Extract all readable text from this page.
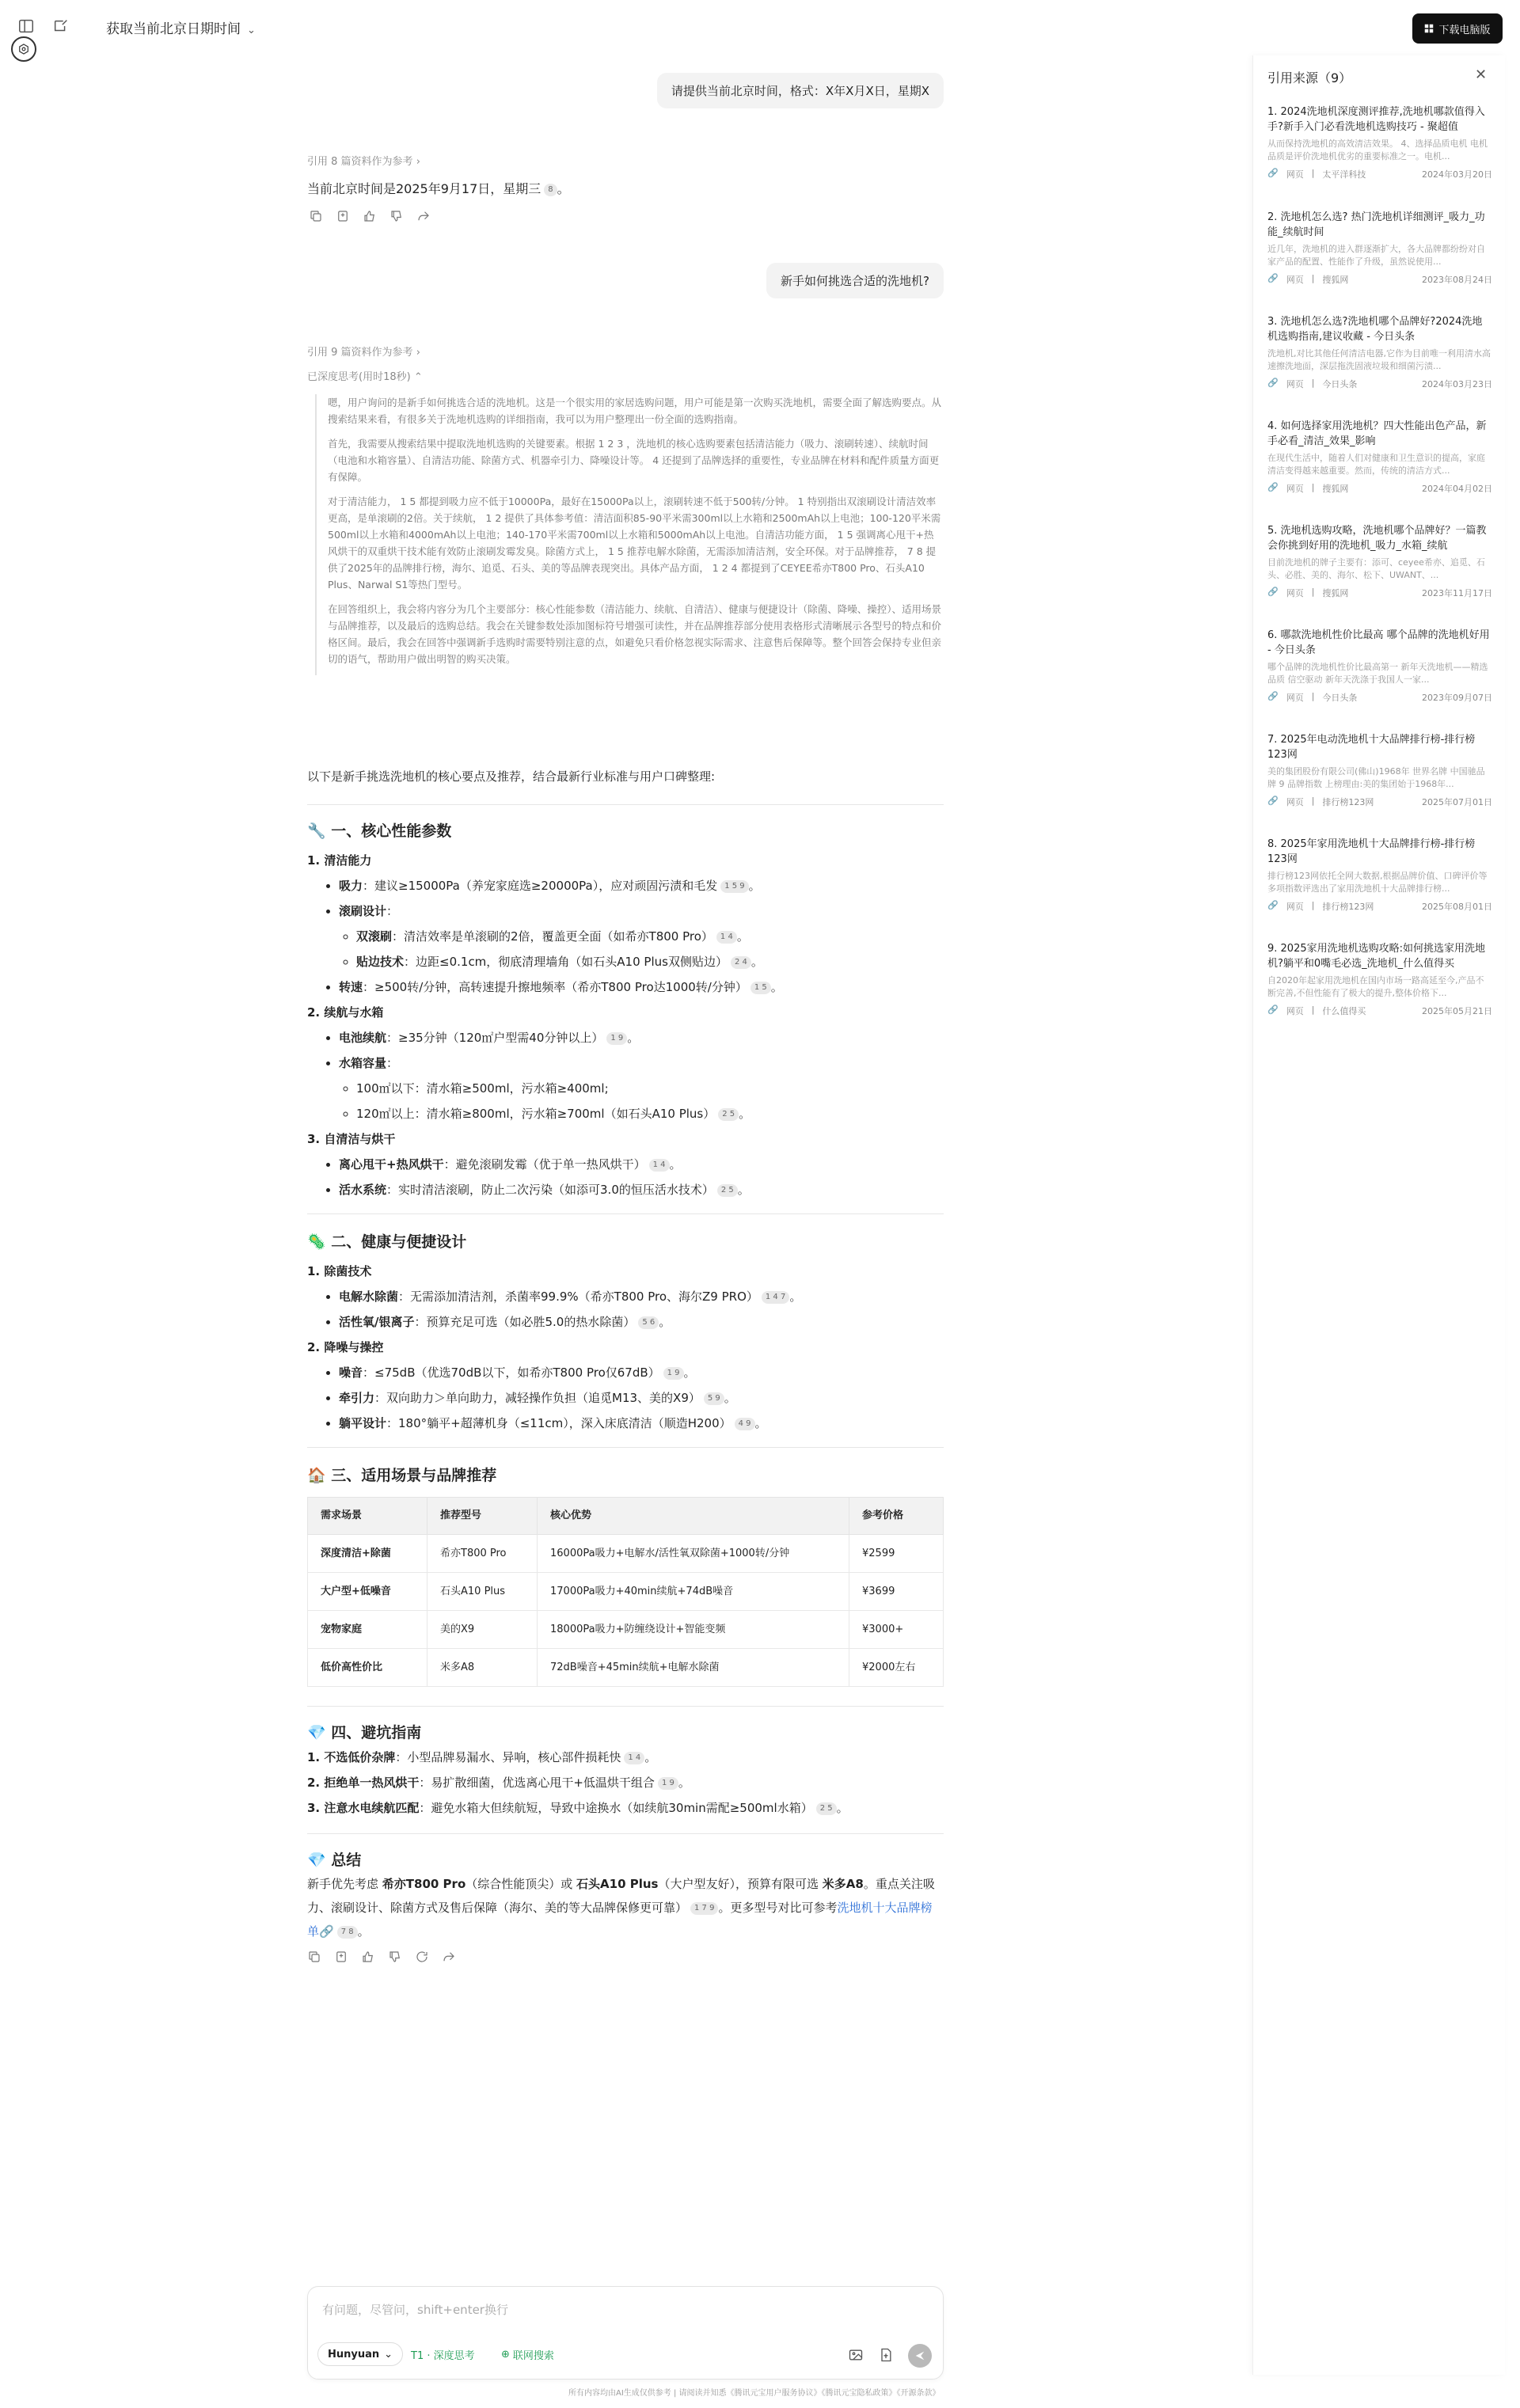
获取当前北京日期时间 ⌄	下载电脑版
请提供当前北京时间，格式：X年X月X日，星期X
引用 8 篇资料作为参考 ›
当前北京时间是2025年9月17日，星期三 8 。
新手如何挑选合适的洗地机?
引用 9 篇资料作为参考 ›
已深度思考(用时18秒) ⌃

嗯，用户询问的是新手如何挑选合适的洗地机。这是一个很实用的家居选购问题，用户可能是第一次购买洗地机，需要全面了解选购要点。从搜索结果来看，有很多关于洗地机选购的详细指南，我可以为用户整理出一份全面的选购指南。

首先，我需要从搜索结果中提取洗地机选购的关键要素。根据 1 2 3 ，洗地机的核心选购要素包括清洁能力（吸力、滚刷转速）、续航时间（电池和水箱容量）、自清洁功能、除菌方式、机器牵引力、降噪设计等。 4 还提到了品牌选择的重要性，专业品牌在材料和配件质量方面更有保障。

对于清洁能力， 1 5 都提到吸力应不低于10000Pa，最好在15000Pa以上，滚刷转速不低于500转/分钟。 1 特别指出双滚刷设计清洁效率更高，是单滚刷的2倍。关于续航， 1 2 提供了具体参考值：清洁面积85-90平米需300ml以上水箱和2500mAh以上电池；100-120平米需500ml以上水箱和4000mAh以上电池；140-170平米需700ml以上水箱和5000mAh以上电池。自清洁功能方面， 1 5 强调离心甩干+热风烘干的双重烘干技术能有效防止滚刷发霉发臭。除菌方式上， 1 5 推荐电解水除菌，无需添加清洁剂，安全环保。对于品牌推荐， 7 8 提供了2025年的品牌排行榜，海尔、追觅、石头、美的等品牌表现突出。具体产品方面， 1 2 4 都提到了CEYEE希亦T800 Pro、石头A10 Plus、Narwal S1等热门型号。

在回答组织上，我会将内容分为几个主要部分：核心性能参数（清洁能力、续航、自清洁）、健康与便捷设计（除菌、降噪、操控）、适用场景与品牌推荐，以及最后的选购总结。我会在关键参数处添加图标符号增强可读性，并在品牌推荐部分使用表格形式清晰展示各型号的特点和价格区间。最后，我会在回答中强调新手选购时需要特别注意的点，如避免只看价格忽视实际需求、注意售后保障等。整个回答会保持专业但亲切的语气，帮助用户做出明智的购买决策。

以下是新手挑选洗地机的核心要点及推荐，结合最新行业标准与用户口碑整理:
🔧 一、核心性能参数
1. 清洁能力
• 吸力：建议≥15000Pa（养宠家庭选≥20000Pa），应对顽固污渍和毛发 1 5 9 。
• 滚刷设计：
◦ 双滚刷：清洁效率是单滚刷的2倍，覆盖更全面（如希亦T800 Pro） 1 4 。
◦ 贴边技术：边距≤0.1cm，彻底清理墙角（如石头A10 Plus双侧贴边） 2 4 。
• 转速：≥500转/分钟，高转速提升擦地频率（希亦T800 Pro达1000转/分钟） 1 5 。
2. 续航与水箱
• 电池续航：≥35分钟（120㎡户型需40分钟以上） 1 9 。
• 水箱容量：
◦ 100㎡以下：清水箱≥500ml，污水箱≥400ml;
◦ 120㎡以上：清水箱≥800ml，污水箱≥700ml（如石头A10 Plus） 2 5 。
3. 自清洁与烘干
• 离心甩干+热风烘干：避免滚刷发霉（优于单一热风烘干） 1 4 。
• 活水系统：实时清洁滚刷，防止二次污染（如添可3.0的恒压活水技术） 2 5 。
🦠 二、健康与便捷设计
1. 除菌技术
• 电解水除菌：无需添加清洁剂，杀菌率99.9%（希亦T800 Pro、海尔Z9 PRO） 1 4 7 。
• 活性氧/银离子：预算充足可选（如必胜5.0的热水除菌） 5 6 。
2. 降噪与操控
• 噪音：≤75dB（优选70dB以下，如希亦T800 Pro仅67dB） 1 9 。
• 牵引力：双向助力＞单向助力，减轻操作负担（追觅M13、美的X9） 5 9 。
• 躺平设计：180°躺平+超薄机身（≤11cm），深入床底清洁（顺造H200） 4 9 。
🏠 三、适用场景与品牌推荐
需求场景	推荐型号	核心优势	参考价格
深度清洁+除菌	希亦T800 Pro	16000Pa吸力+电解水/活性氧双除菌+1000转/分钟	¥2599
大户型+低噪音	石头A10 Plus	17000Pa吸力+40min续航+74dB噪音	¥3699
宠物家庭	美的X9	18000Pa吸力+防缠绕设计+智能变频	¥3000+
低价高性价比	米多A8	72dB噪音+45min续航+电解水除菌	¥2000左右
💎 四、避坑指南
1. 不选低价杂牌：小型品牌易漏水、异响，核心部件损耗快 1 4 。
2. 拒绝单一热风烘干：易扩散细菌，优选离心甩干+低温烘干组合 1 9 。
3. 注意水电续航匹配：避免水箱大但续航短，导致中途换水（如续航30min需配≥500ml水箱） 2 5 。
💎 总结
新手优先考虑 希亦T800 Pro（综合性能顶尖）或 石头A10 Plus（大户型友好），预算有限可选 米多A8。重点关注吸力、滚刷设计、除菌方式及售后保障（海尔、美的等大品牌保修更可靠） 1 7 9 。更多型号对比可参考洗地机十大品牌榜单🔗 7 8 。
引用来源（9）	✕
1. 2024洗地机深度测评推荐,洗地机哪款值得入手?新手入门必看洗地机选购技巧 - 聚超值
从而保持洗地机的高效清洁效果。 4、选择品质电机 电机品质是评价洗地机优劣的重要标准之一。电机...
🔗 网页 | 太平洋科技	2024年03月20日
2. 洗地机怎么选? 热门洗地机详细测评_吸力_功能_续航时间
近几年，洗地机的进入群逐渐扩大，各大品牌都纷纷对自家产品的配置、性能作了升级，虽然说使用...
🔗 网页 | 搜狐网	2023年08月24日
3. 洗地机怎么选?洗地机哪个品牌好?2024洗地机选购指南,建议收藏 - 今日头条
洗地机,对比其他任何清洁电器,它作为目前唯一利用清水高速擦洗地面，深层拖洗固液垃圾和细菌污渍...
🔗 网页 | 今日头条	2024年03月23日
4. 如何选择家用洗地机？四大性能出色产品，新手必看_清洁_效果_影响
在现代生活中，随着人们对健康和卫生意识的提高，家庭清洁变得越来越重要。然而，传统的清洁方式...
🔗 网页 | 搜狐网	2024年04月02日
5. 洗地机选购攻略，洗地机哪个品牌好？一篇教会你挑到好用的洗地机_吸力_水箱_续航
目前洗地机的牌子主要有：添可、ceyee希亦、追觅、石头、必胜、美的、海尔、松下、UWANT、...
🔗 网页 | 搜狐网	2023年11月17日
6. 哪款洗地机性价比最高 哪个品牌的洗地机好用 - 今日头条
哪个品牌的洗地机性价比最高第一 新年天洗地机——精选品质 信空驱动 新年天洗涤于我国人一家...
🔗 网页 | 今日头条	2023年09月07日
7. 2025年电动洗地机十大品牌排行榜-排行榜123网
美的集团股份有限公司(佛山)1968年 世界名牌 中国驰品牌 9 品牌指数 上榜理由:美的集团始于1968年...
🔗 网页 | 排行榜123网	2025年07月01日
8. 2025年家用洗地机十大品牌排行榜-排行榜123网
排行榜123网依托全网大数据,根据品牌价值、口碑评价等多项指数评选出了家用洗地机十大品牌排行榜...
🔗 网页 | 排行榜123网	2025年08月01日
9. 2025家用洗地机选购攻略:如何挑选家用洗地机?躺平和0嘴毛必选_洗地机_什么值得买
自2020年起家用洗地机在国内市场一路高延至今,产品不断完善,不但性能有了极大的提升,整体价格下...
🔗 网页 | 什么值得买	2025年05月21日
有问题，尽管问，shift+enter换行
Hunyuan ⌄ T1 · 深度思考	⊕ 联网搜索
所有内容均由AI生成仅供参考 | 请阅读并知悉《腾讯元宝用户服务协议》《腾讯元宝隐私政策》《开源条款》
